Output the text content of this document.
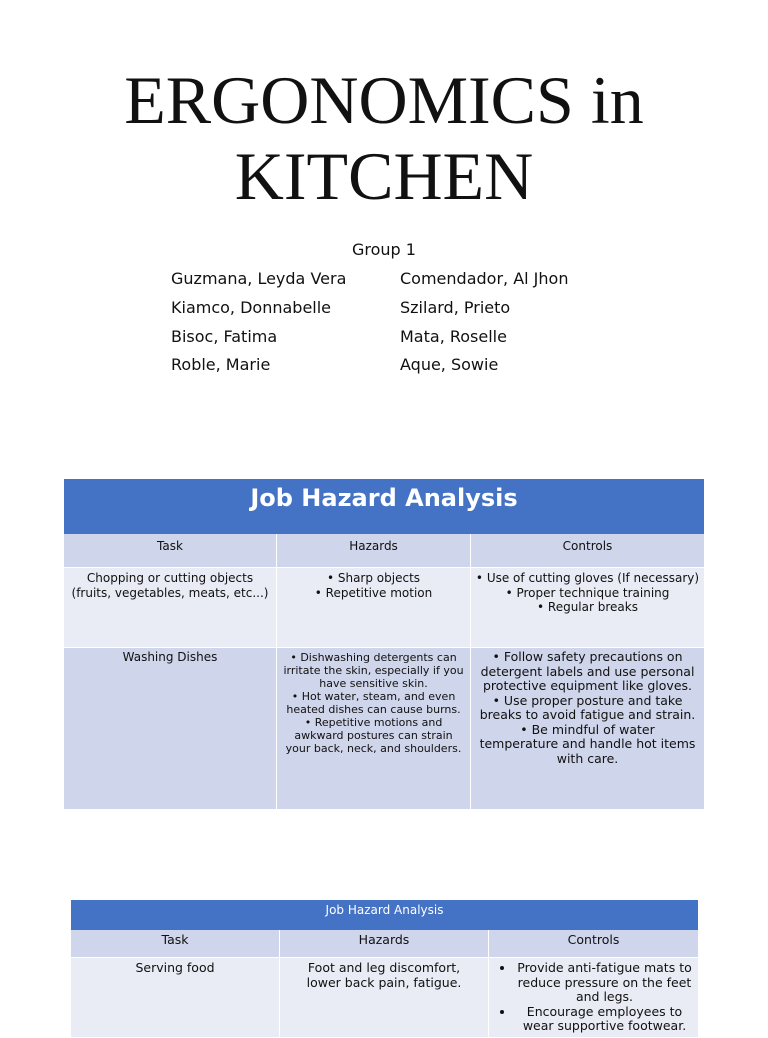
ERGONOMICS in
KITCHEN
Group 1
Guzmana, Leyda Vera
Kiamco, Donnabelle
Bisoc, Fatima
Roble, Marie
Comendador, Al Jhon
Szilard, Prieto
Mata, Roselle
Aque, Sowie
Job Hazard Analysis
Task	Hazards	Controls
Chopping or cutting objects (fruits, vegetables, meats, etc...)
• Sharp objects
• Repetitive motion
• Use of cutting gloves (If necessary)
• Proper technique training
• Regular breaks
Washing Dishes
•	Dishwashing detergents can irritate the skin, especially if you have sensitive skin.
• Hot water, steam, and even heated dishes can cause burns.
• Repetitive motions and awkward postures can strain your back, neck, and shoulders.
• Follow safety precautions on detergent labels and use personal protective equipment like gloves.
• Use proper posture and take breaks to avoid fatigue and strain.
• Be mindful of water temperature and handle hot items with care.
Job Hazard Analysis
Task	Hazards	Controls
Serving food	Foot and leg discomfort, lower back pain, fatigue.
• Provide anti-fatigue mats to reduce pressure on the feet and legs.
• Encourage employees to wear supportive footwear.
